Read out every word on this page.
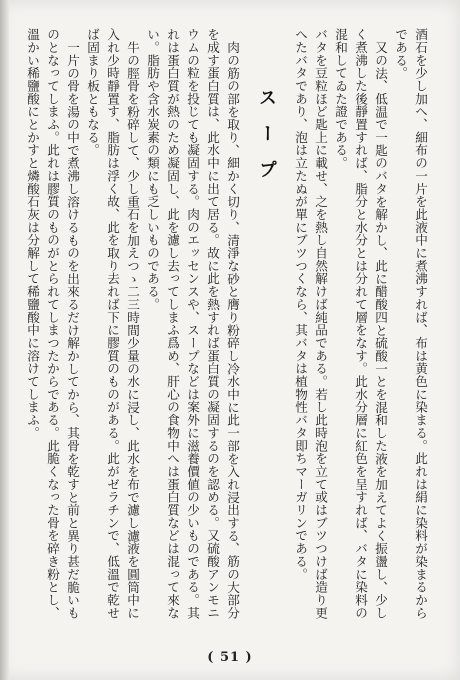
酒石を少し加へ、細布の一片を此液中に煮沸すれば、布は黄色に染まる。此れは絹に染料が染まるからである。

又の法、低温で一匙のバタを解かし、此に醋酸四と硫酸一とを混和した液を加えてよく振盪し、少しく煮沸した後靜置すれば、脂分と水分とは分れて層をなす。此水分層に紅色を呈すれば、バタに染料の混和してゐた證である。

バタを豆粒ほど匙上に載せ、之を熱し自然解けば純品である。若し此時泡を立て或はブツつけば造り更へたバタであり、泡は立たぬが單にブツつくなら、其バタは植物性バタ即ちマーガリンである。

スープ

肉の筋の部を取り、細かく切り、清淨な砂と膺り粉碎し冷水中に此一部を入れ浸出する、筋の大部分を成す蛋白質は、此水中に出て居る。故に此を熱すれば蛋白質の凝固するのを認める。又硫酸アンモニウムの粒を投じても凝固する。肉のエッセンスや、スープなどは案外に滋養價値の少いものである。其れは蛋白質が熱のため凝固し、此を濾し去ってしまふ爲め、肝心の食物中へは蛋白質などは混って來ない。脂肪や含水炭素の類にも乏しいものである。

牛の脛骨を粉碎して、少し重石を加えつゝ二三時間少量の水に浸し、此水を布で濾し濾液を圓筒中に入れ少時靜置す、脂肪は浮く故、此を取り去れば下に膠質のものがある。此がゼラチンで、低溫で乾せば固まり板ともなる。

一片の骨を湯の中で煮沸し溶けるものを出來るだけ解かしてから、其骨を乾すと前と異り甚だ脆いものとなってしまふ。此れは膠質のものがとられてしまつたからである。此脆くなった骨を碎き粉とし、溫かい稀鹽酸にとかすと燐酸石灰は分解して稀鹽酸中に溶けてしまふ。

( 51 )
